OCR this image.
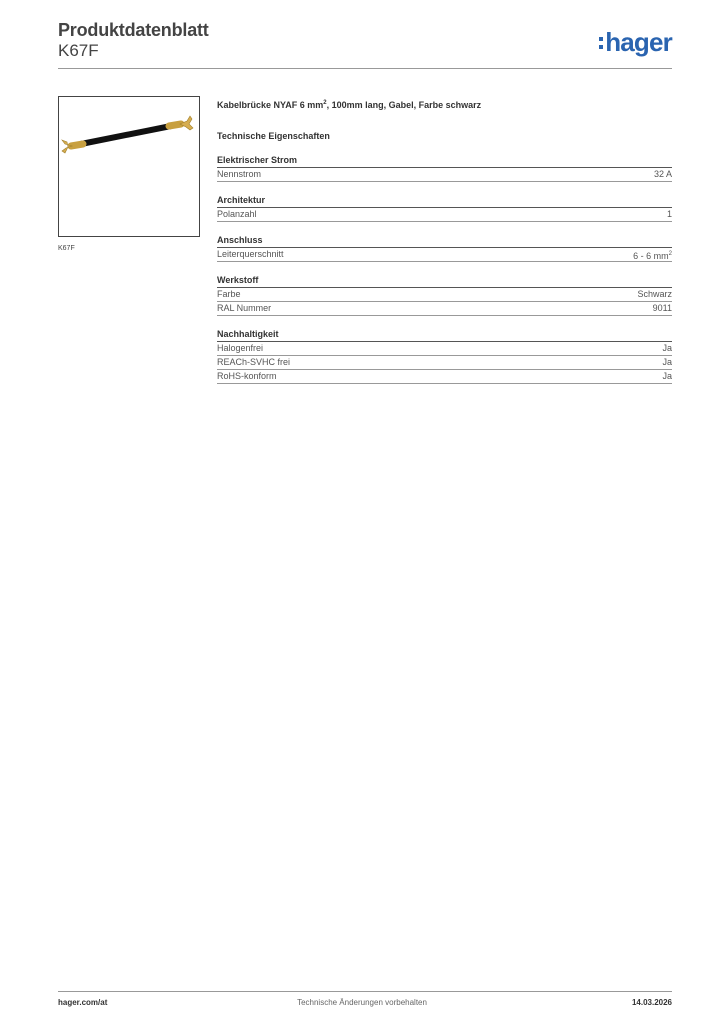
Produktdatenblatt
K67F	hager
K67F
Kabelbrücke NYAF 6 $mm^2$, 100mm lang, Gabel, Farbe schwarz
Technische Eigenschaften
Elektrischer Strom
Nennstrom	32 A
Architektur
Polanzahl	1
Anschluss
Leiterquerschnitt	6 - 6 $mm^2$
Werkstoff
Farbe	Schwarz
RAL Nummer	9011
Nachhaltigkeit
Halogenfrei	Ja
REACh-SVHC frei	Ja
RoHS-konform	Ja
hager.com/at	Technische Änderungen vorbehalten	14.03.2026
